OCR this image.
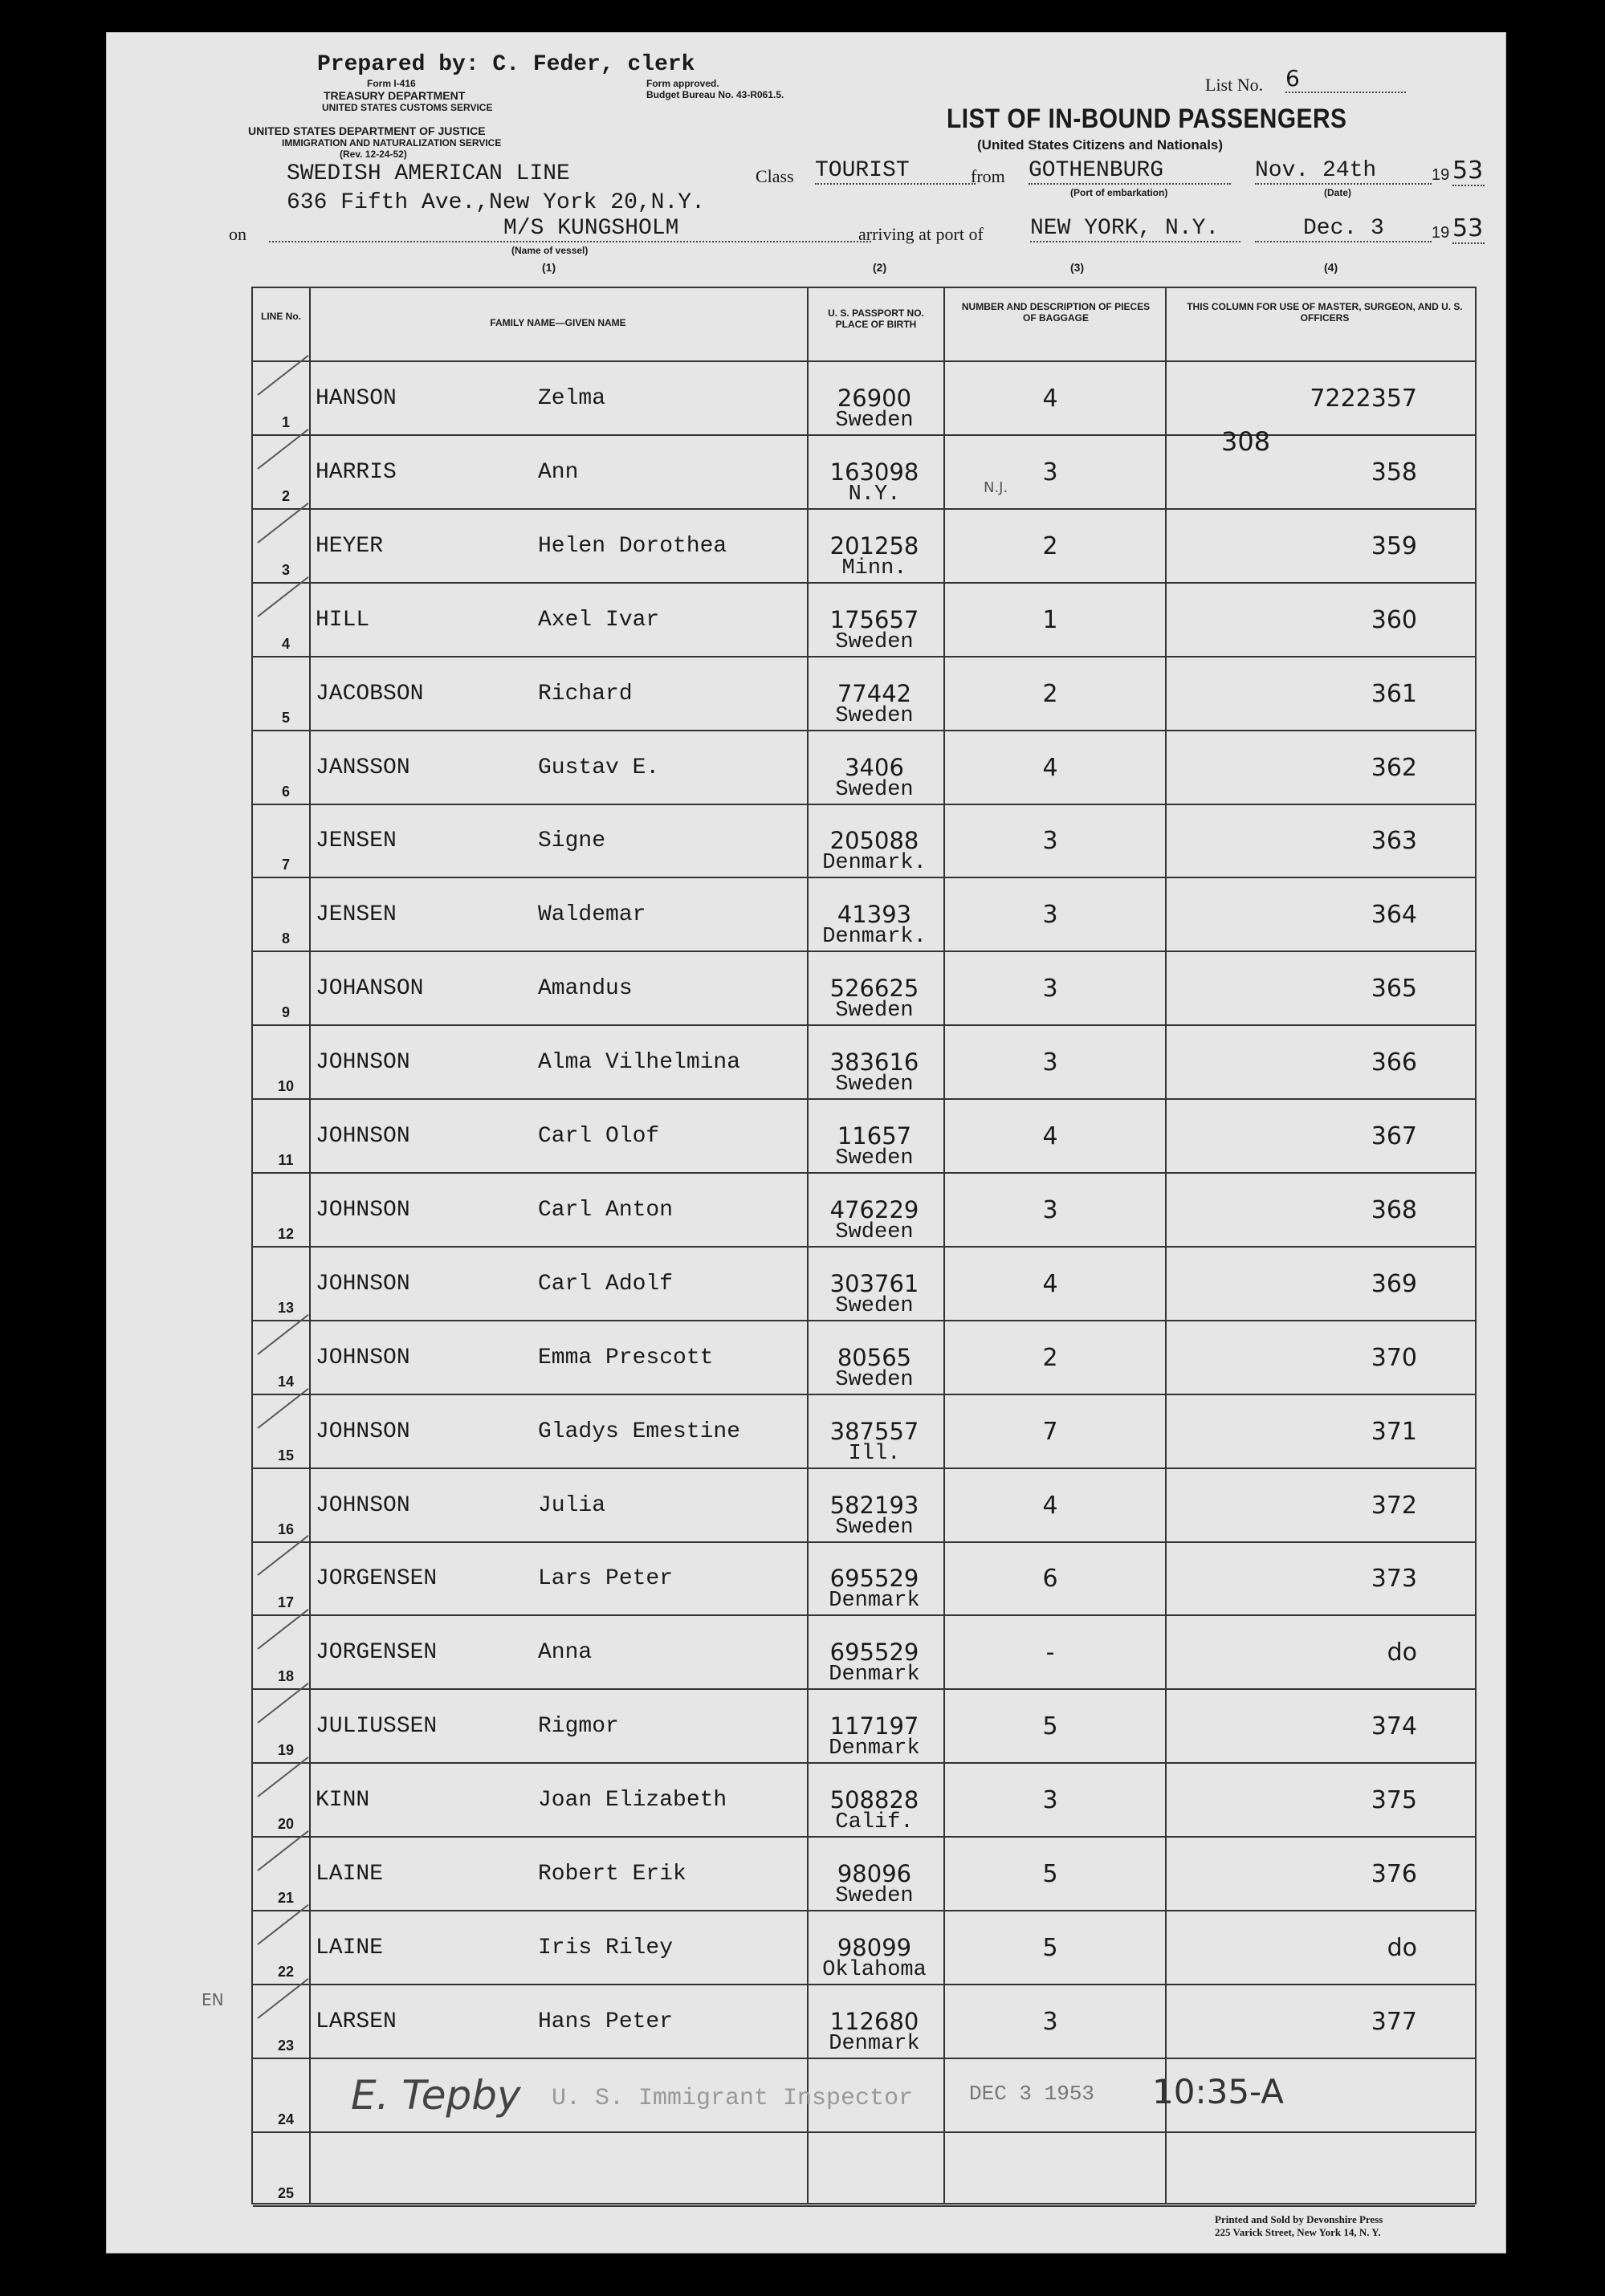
Prepared by: C. Feder, clerk
Form I-416
TREASURY DEPARTMENT
UNITED STATES CUSTOMS SERVICE
Form approved.
Budget Bureau No. 43-R061.5.
UNITED STATES DEPARTMENT OF JUSTICE
IMMIGRATION AND NATURALIZATION SERVICE
(Rev. 12-24-52)
SWEDISH AMERICAN LINE
636 Fifth Ave.,New York 20,N.Y.
List No. 6
LIST OF IN-BOUND PASSENGERS
(United States Citizens and Nationals)
Class TOURIST	from GOTHENBURG
(Port of embarkation)
Nov. 24th	19 53
(Date)
on	M/S KUNGSHOLM
(Name of vessel)
arriving at port of NEW YORK, N.Y.	Dec. 3	19 53
(1)	(2)	(3)	(4)
LINE No.
FAMILY NAME—GIVEN NAME
U. S. PASSPORT NO. PLACE OF BIRTH
NUMBER AND DESCRIPTION OF PIECES OF BAGGAGE
THIS COLUMN FOR USE OF MASTER, SURGEON, AND U. S. OFFICERS
1
HANSON	Zelma	26900
Sweden
4	7222357
2
HARRIS	Ann	163098
N.Y.
3	358
3
HEYER	Helen Dorothea	201258
Minn.
2	359
4
HILL	Axel Ivar	175657
Sweden
1	360
5
JACOBSON	Richard	77442
Sweden
2	361
6
JANSSON	Gustav E.	3406
Sweden
4	362
7
JENSEN	Signe	205088
Denmark.
3	363
8
JENSEN	Waldemar	41393
Denmark.
3	364
9
JOHANSON	Amandus	526625
Sweden
3	365
10
JOHNSON	Alma Vilhelmina	383616
Sweden
3	366
11
JOHNSON	Carl Olof	11657
Sweden
4	367
12
JOHNSON	Carl Anton	476229
Swdeen
3	368
13
JOHNSON	Carl Adolf	303761
Sweden
4	369
14
JOHNSON	Emma Prescott	80565
Sweden
2	370
15
JOHNSON	Gladys Emestine	387557
Ill.
7	371
16
JOHNSON	Julia	582193
Sweden
4	372
17
JORGENSEN	Lars Peter	695529
Denmark
6	373
18
JORGENSEN	Anna	695529
Denmark
-	do
19
JULIUSSEN	Rigmor	117197
Denmark
5	374
20
KINN	Joan Elizabeth	508828
Calif.
3	375
21
LAINE	Robert Erik	98096
Sweden
5	376
22
LAINE	Iris Riley	98099
Oklahoma
5	do
23
LARSEN	Hans Peter	112680
Denmark
3	377
24
25
308
N.J.
EN
E. Tepby U. S. Immigrant Inspector	DEC 3 1953 10:35-A
Printed and Sold by Devonshire Press
225 Varick Street, New York 14, N. Y.
